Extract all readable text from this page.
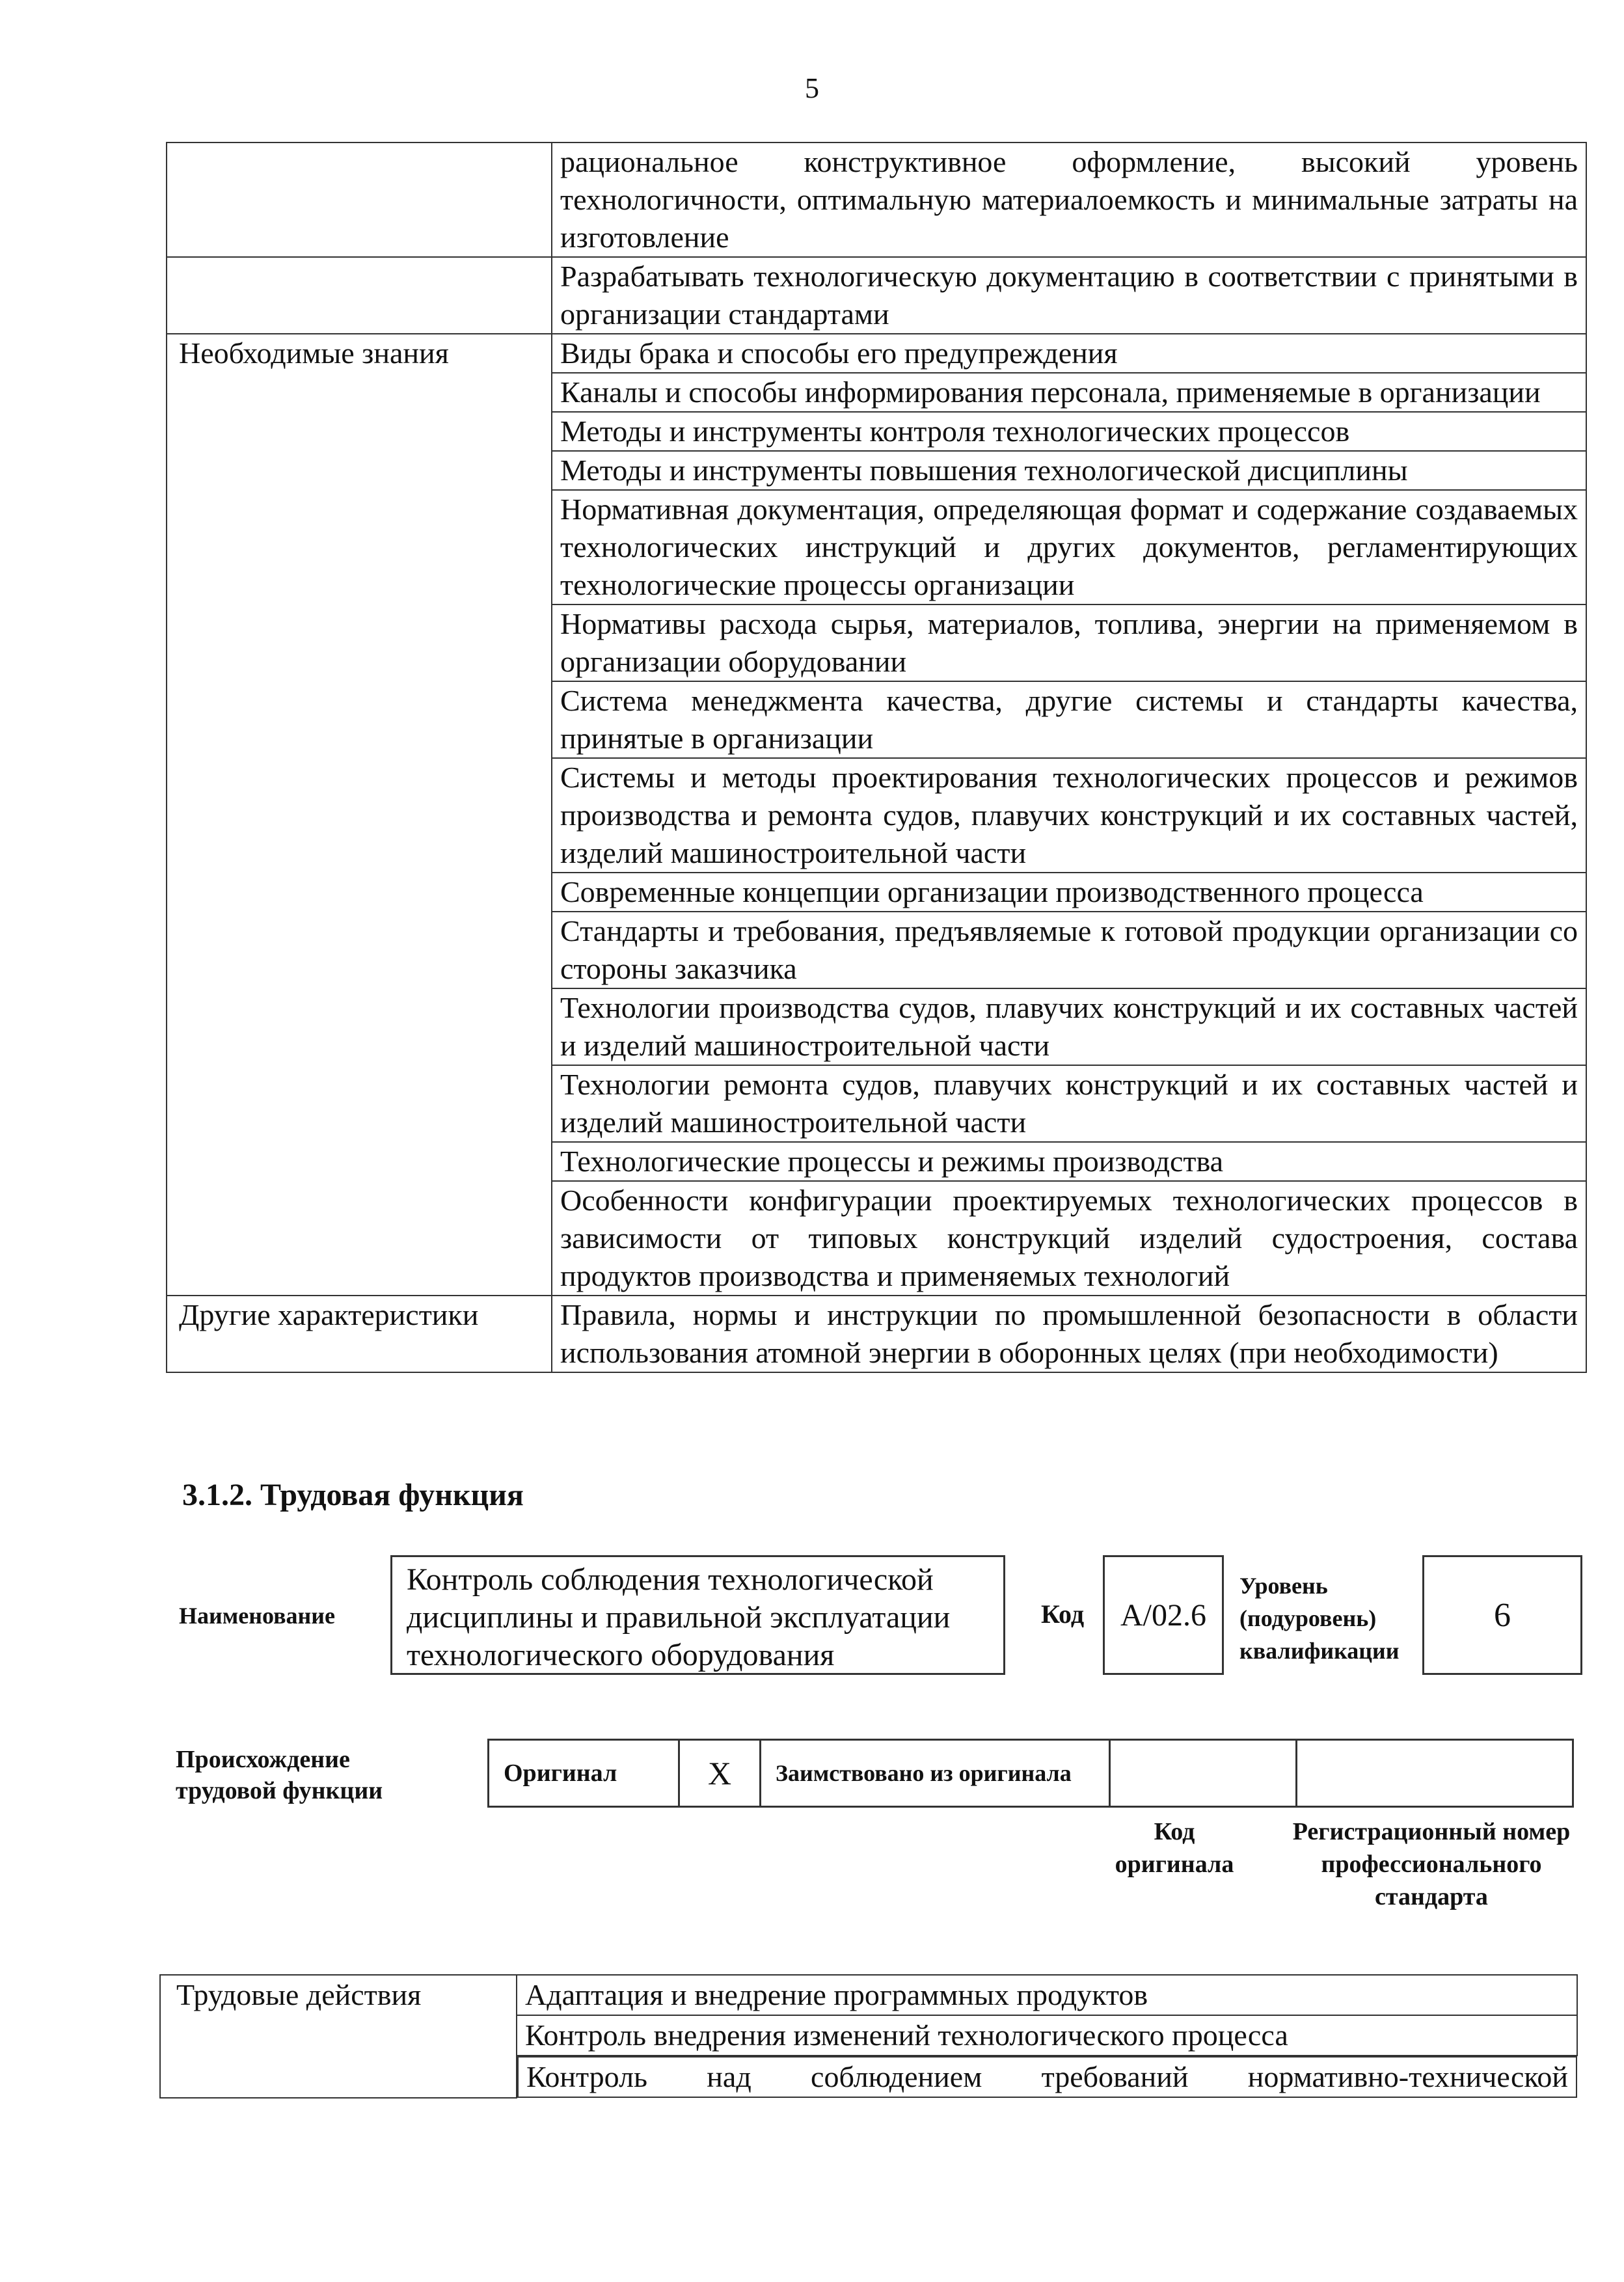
5
	рациональное конструктивное оформление, высокий уровень технологичности, оптимальную материалоемкость и минимальные затраты на изготовление
	Разрабатывать технологическую документацию в соответствии с принятыми в организации стандартами
Необходимые знания	Виды брака и способы его предупреждения
	Каналы и способы информирования персонала, применяемые в организации
	Методы и инструменты контроля технологических процессов
	Методы и инструменты повышения технологической дисциплины
	Нормативная документация, определяющая формат и содержание создаваемых технологических инструкций и других документов, регламентирующих технологические процессы организации
	Нормативы расхода сырья, материалов, топлива, энергии на применяемом в организации оборудовании
	Система менеджмента качества, другие системы и стандарты качества, принятые в организации
	Системы и методы проектирования технологических процессов и режимов производства и ремонта судов, плавучих конструкций и их составных частей, изделий машиностроительной части
	Современные концепции организации производственного процесса
	Стандарты и требования, предъявляемые к готовой продукции организации со стороны заказчика
	Технологии производства судов, плавучих конструкций и их составных частей и изделий машиностроительной части
	Технологии ремонта судов, плавучих конструкций и их составных частей и изделий машиностроительной части
	Технологические процессы и режимы производства
	Особенности конфигурации проектируемых технологических процессов в зависимости от типовых конструкций изделий судостроения, состава продуктов производства и применяемых технологий
Другие характеристики	Правила, нормы и инструкции по промышленной безопасности в области использования атомной энергии в оборонных целях (при необходимости)
3.1.2. Трудовая функция
Наименование
Контроль соблюдения технологической дисциплины и правильной эксплуатации технологического оборудования
Код	А/02.6
Уровень
(подуровень)
квалификации
6
Происхождение
трудовой функции
Оригинал	X	Заимствовано из оригинала
Код
оригинала
Регистрационный номер
профессионального
стандарта
Трудовые действия	Адаптация и внедрение программных продуктов
Контроль внедрения изменений технологического процесса

Контроль над соблюдением требований нормативно-технической
